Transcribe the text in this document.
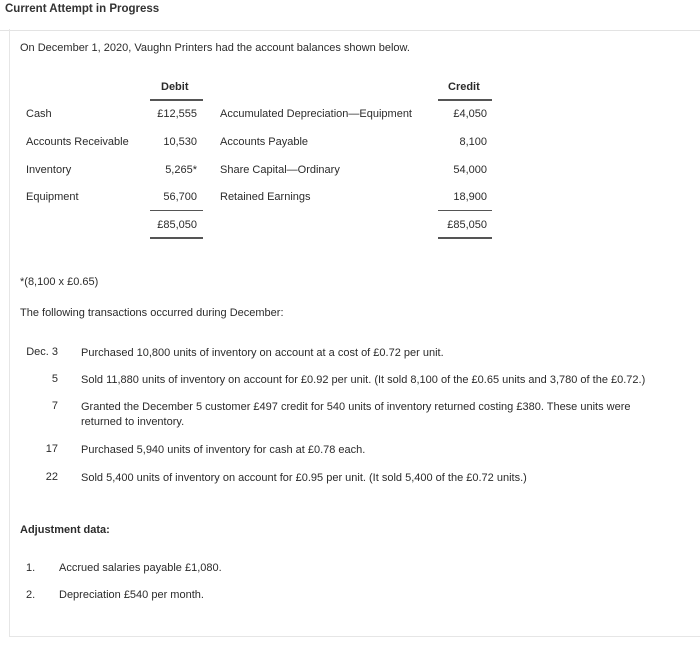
Current Attempt in Progress
On December 1, 2020, Vaughn Printers had the account balances shown below.
Debit	Credit
Cash	£12,555 Accumulated Depreciation—Equipment	£4,050
Accounts Receivable	10,530 Accounts Payable	8,100
Inventory	5,265* Share Capital—Ordinary	54,000
Equipment	56,700 Retained Earnings	18,900
£85,050	£85,050
*(8,100 x £0.65)
The following transactions occurred during December:
Dec. 3 Purchased 10,800 units of inventory on account at a cost of £0.72 per unit.
5 Sold 11,880 units of inventory on account for £0.92 per unit. (It sold 8,100 of the £0.65 units and 3,780 of the £0.72.)
7 Granted the December 5 customer £497 credit for 540 units of inventory returned costing £380. These units were returned to inventory.
17 Purchased 5,940 units of inventory for cash at £0.78 each.
22 Sold 5,400 units of inventory on account for £0.95 per unit. (It sold 5,400 of the £0.72 units.)
Adjustment data:
1.	Accrued salaries payable £1,080.
2.	Depreciation £540 per month.
